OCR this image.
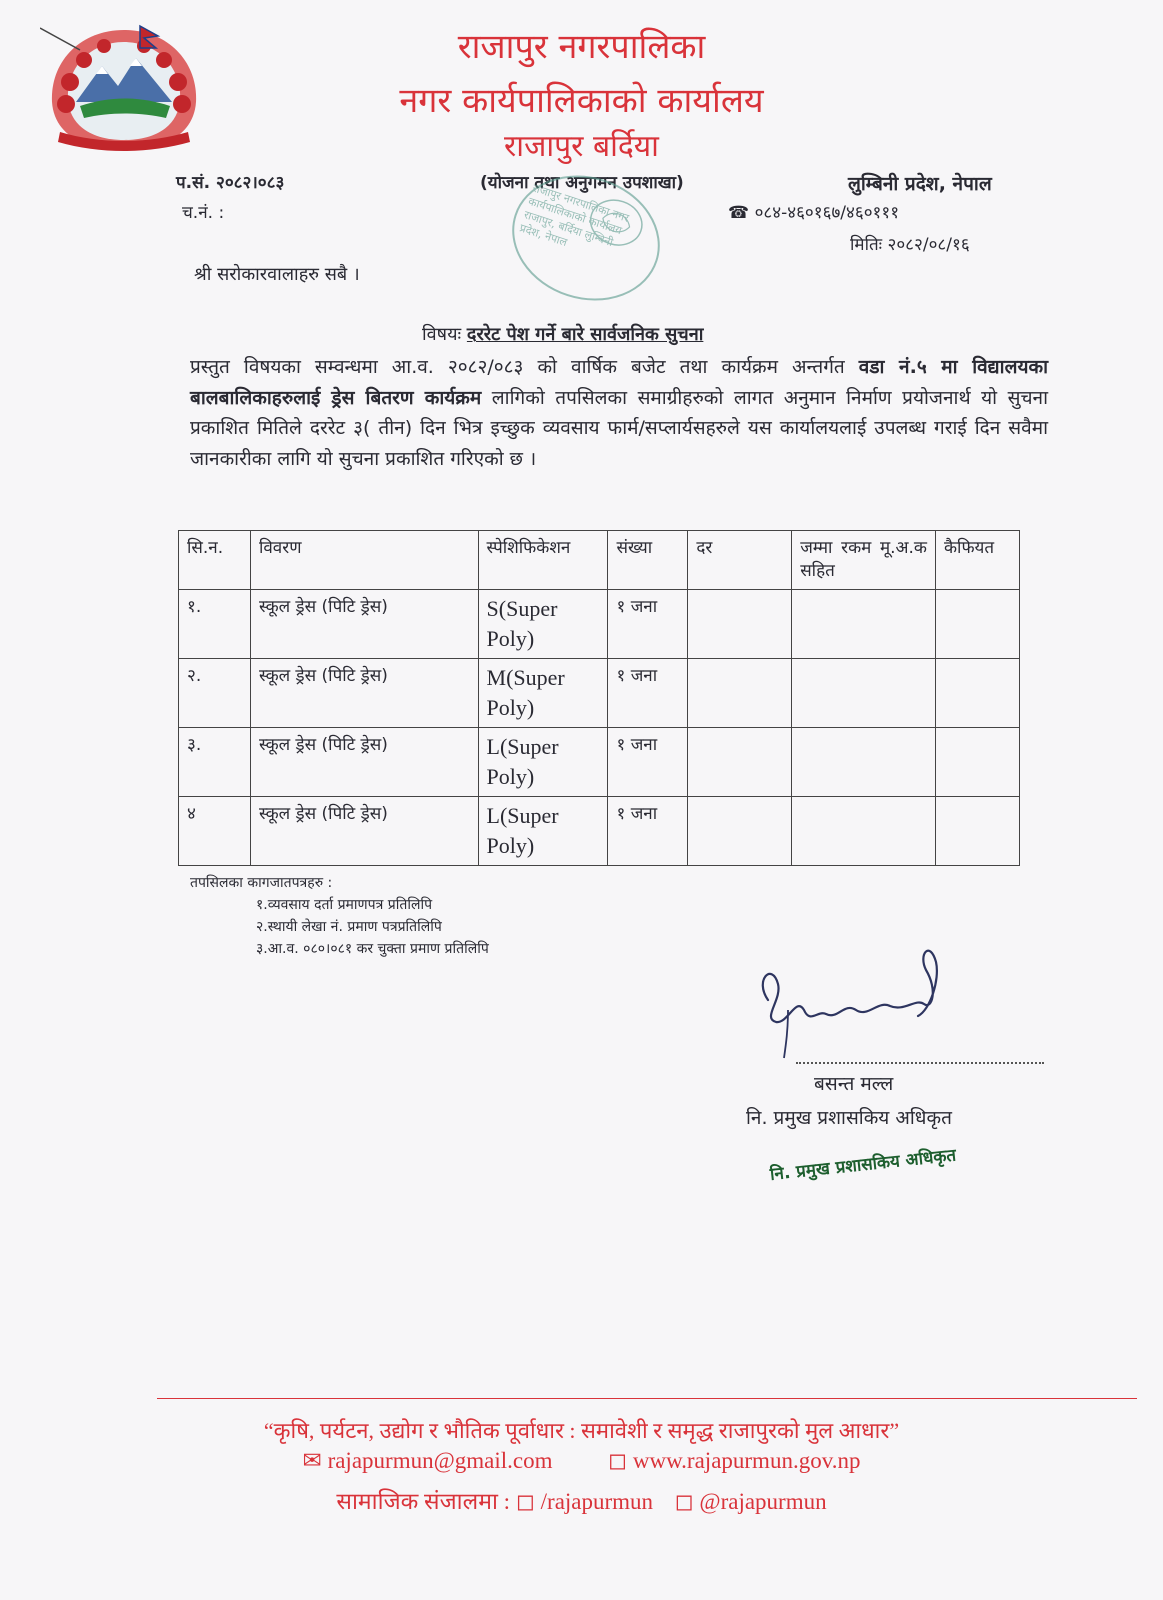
राजापुर नगरपालिका
नगर कार्यपालिकाको कार्यालय
राजापुर बर्दिया
प.सं. २०८२।०८३
च.नं. :
(योजना तथा अनुगमन उपशाखा)	लुम्बिनी प्रदेश, नेपाल
☎ ०८४-४६०१६७/४६०१११
मितिः २०८२/०८/१६
राजापुर नगरपालिका नगर कार्यपालिकाको कार्यालय राजापुर, बर्दिया लुम्बिनी प्रदेश, नेपाल
श्री सरोकारवालाहरु सबै ।
विषयः दररेट पेश गर्ने बारे सार्वजनिक सुचना
प्रस्तुत विषयका सम्वन्धमा आ.व. २०८२/०८३ को वार्षिक बजेट तथा कार्यक्रम अन्तर्गत वडा नं.५ मा विद्यालयका बालबालिकाहरुलाई ड्रेस बितरण कार्यक्रम लागिको तपसिलका समाग्रीहरुको लागत अनुमान निर्माण प्रयोजनार्थ यो सुचना प्रकाशित मितिले दररेट ३( तीन) दिन भित्र इच्छुक व्यवसाय फार्म/सप्लार्यसहरुले यस कार्यालयलाई उपलब्ध गराई दिन सवैमा जानकारीका लागि यो सुचना प्रकाशित गरिएको छ ।
सि.न.	विवरण	स्पेशिफिकेशन	संख्या	दर	जम्मा रकम मू.अ.क सहित	कैफियत
१.	स्कूल ड्रेस (पिटि ड्रेस)	S(Super Poly)	१ जना			
२.	स्कूल ड्रेस (पिटि ड्रेस)	M(Super Poly)	१ जना			
३.	स्कूल ड्रेस (पिटि ड्रेस)	L(Super Poly)	१ जना			
४	स्कूल ड्रेस (पिटि ड्रेस)	L(Super Poly)	१ जना			
तपसिलका कागजातपत्रहरु :
१.व्यवसाय दर्ता प्रमाणपत्र प्रतिलिपि
२.स्थायी लेखा नं. प्रमाण पत्रप्रतिलिपि
३.आ.व. ०८०।०८१ कर चुक्ता प्रमाण प्रतिलिपि
बसन्त मल्ल
नि. प्रमुख प्रशासकिय अधिकृत
नि. प्रमुख प्रशासकिय अधिकृत
“कृषि, पर्यटन, उद्योग र भौतिक पूर्वाधार : समावेशी र समृद्ध राजापुरको मुल आधार”
✉ rajapurmun@gmail.com ◻ www.rajapurmun.gov.np
सामाजिक संजालमा : ◻ /rajapurmun ◻ @rajapurmun
